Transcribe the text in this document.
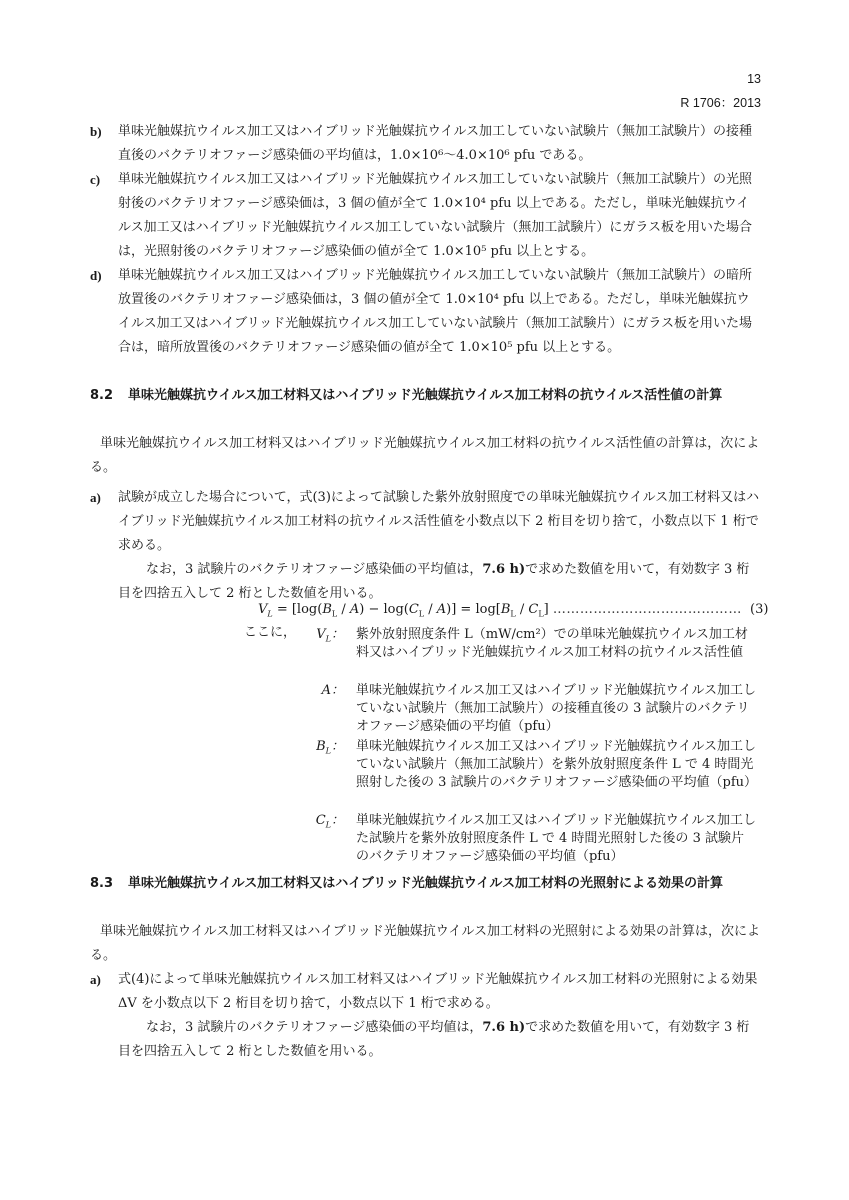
13
R 1706：2013
b) 単味光触媒抗ウイルス加工又はハイブリッド光触媒抗ウイルス加工していない試験片（無加工試験片）の接種直後のバクテリオファージ感染価の平均値は，1.0×10⁶～4.0×10⁶ pfu である。
c) 単味光触媒抗ウイルス加工又はハイブリッド光触媒抗ウイルス加工していない試験片（無加工試験片）の光照射後のバクテリオファージ感染価は，3 個の値が全て 1.0×10⁴ pfu 以上である。ただし，単味光触媒抗ウイルス加工又はハイブリッド光触媒抗ウイルス加工していない試験片（無加工試験片）にガラス板を用いた場合は，光照射後のバクテリオファージ感染価の値が全て 1.0×10⁵ pfu 以上とする。
d) 単味光触媒抗ウイルス加工又はハイブリッド光触媒抗ウイルス加工していない試験片（無加工試験片）の暗所放置後のバクテリオファージ感染価は，3 個の値が全て 1.0×10⁴ pfu 以上である。ただし，単味光触媒抗ウイルス加工又はハイブリッド光触媒抗ウイルス加工していない試験片（無加工試験片）にガラス板を用いた場合は，暗所放置後のバクテリオファージ感染価の値が全て 1.0×10⁵ pfu 以上とする。
8.2	単味光触媒抗ウイルス加工材料又はハイブリッド光触媒抗ウイルス加工材料の抗ウイルス活性値の計算
単味光触媒抗ウイルス加工材料又はハイブリッド光触媒抗ウイルス加工材料の抗ウイルス活性値の計算は，次による。
a) 試験が成立した場合について，式(3)によって試験した紫外放射照度での単味光触媒抗ウイルス加工材料又はハイブリッド光触媒抗ウイルス加工材料の抗ウイルス活性値を小数点以下 2 桁目を切り捨て，小数点以下 1 桁で求める。
なお，3 試験片のバクテリオファージ感染価の平均値は，7.6 h)で求めた数値を用いて，有効数字 3 桁目を四捨五入して 2 桁とした数値を用いる。
$V_L = [\log(B_L / A) - \log(C_L / A)] = \log[B_L / C_L]$ …………………………………… (3)
ここに，	$V_L$： 紫外放射照度条件 L（mW/cm²）での単味光触媒抗ウイルス加工材料又はハイブリッド光触媒抗ウイルス加工材料の抗ウイルス活性値
A： 単味光触媒抗ウイルス加工又はハイブリッド光触媒抗ウイルス加工していない試験片（無加工試験片）の接種直後の 3 試験片のバクテリオファージ感染価の平均値（pfu）
$B_L$： 単味光触媒抗ウイルス加工又はハイブリッド光触媒抗ウイルス加工していない試験片（無加工試験片）を紫外放射照度条件 L で 4 時間光照射した後の 3 試験片のバクテリオファージ感染価の平均値（pfu）
$C_L$： 単味光触媒抗ウイルス加工又はハイブリッド光触媒抗ウイルス加工した試験片を紫外放射照度条件 L で 4 時間光照射した後の 3 試験片のバクテリオファージ感染価の平均値（pfu）
8.3	単味光触媒抗ウイルス加工材料又はハイブリッド光触媒抗ウイルス加工材料の光照射による効果の計算
単味光触媒抗ウイルス加工材料又はハイブリッド光触媒抗ウイルス加工材料の光照射による効果の計算は，次による。
a) 式(4)によって単味光触媒抗ウイルス加工材料又はハイブリッド光触媒抗ウイルス加工材料の光照射による効果 ΔV を小数点以下 2 桁目を切り捨て，小数点以下 1 桁で求める。
なお，3 試験片のバクテリオファージ感染価の平均値は，7.6 h)で求めた数値を用いて，有効数字 3 桁目を四捨五入して 2 桁とした数値を用いる。
